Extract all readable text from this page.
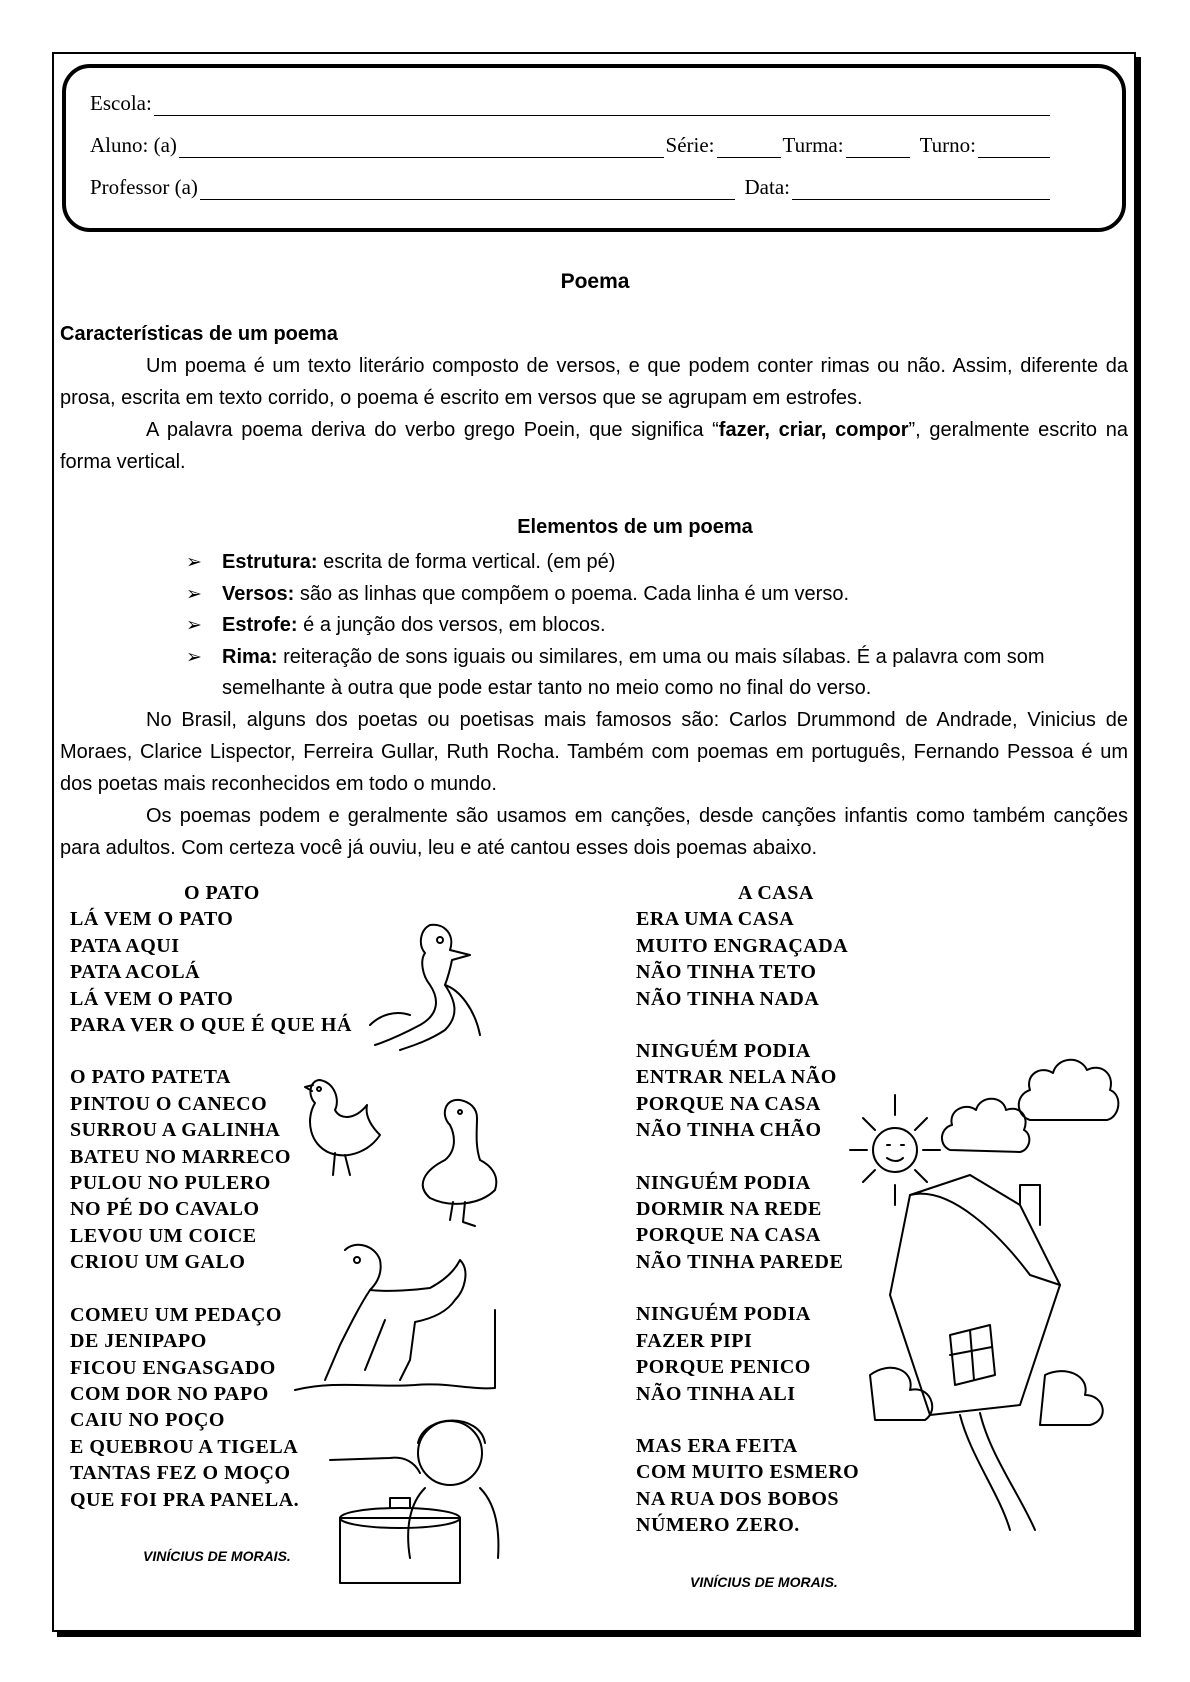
Escola:
Aluno: (a)	Série:	Turma:	Turno:
Professor (a)	Data:
Poema

Características de um poema

Um poema é um texto literário composto de versos, e que podem conter rimas ou não. Assim, diferente da prosa, escrita em texto corrido, o poema é escrito em versos que se agrupam em estrofes.

A palavra poema deriva do verbo grego Poein, que significa “fazer, criar, compor”, geralmente escrito na forma vertical.

Elementos de um poema
➢ Estrutura: escrita de forma vertical. (em pé)
➢ Versos: são as linhas que compõem o poema. Cada linha é um verso.
➢ Estrofe: é a junção dos versos, em blocos.
➢ Rima: reiteração de sons iguais ou similares, em uma ou mais sílabas. É a palavra com som semelhante à outra que pode estar tanto no meio como no final do verso.

No Brasil, alguns dos poetas ou poetisas mais famosos são: Carlos Drummond de Andrade, Vinicius de Moraes, Clarice Lispector, Ferreira Gullar, Ruth Rocha. Também com poemas em português, Fernando Pessoa é um dos poetas mais reconhecidos em todo o mundo.

Os poemas podem e geralmente são usamos em canções, desde canções infantis como também canções para adultos. Com certeza você já ouviu, leu e até cantou esses dois poemas abaixo.

O PATO
LÁ VEM O PATO
PATA AQUI
PATA ACOLÁ
LÁ VEM O PATO
PARA VER O QUE É QUE HÁ
O PATO PATETA
PINTOU O CANECO
SURROU A GALINHA
BATEU NO MARRECO
PULOU NO PULERO
NO PÉ DO CAVALO
LEVOU UM COICE
CRIOU UM GALO
COMEU UM PEDAÇO
DE JENIPAPO
FICOU ENGASGADO
COM DOR NO PAPO
CAIU NO POÇO
E QUEBROU A TIGELA
TANTAS FEZ O MOÇO
QUE FOI PRA PANELA.
VINÍCIUS DE MORAIS.
A CASA
ERA UMA CASA
MUITO ENGRAÇADA
NÃO TINHA TETO
NÃO TINHA NADA
NINGUÉM PODIA
ENTRAR NELA NÃO
PORQUE NA CASA
NÃO TINHA CHÃO
NINGUÉM PODIA
DORMIR NA REDE
PORQUE NA CASA
NÃO TINHA PAREDE
NINGUÉM PODIA
FAZER PIPI
PORQUE PENICO
NÃO TINHA ALI
MAS ERA FEITA
COM MUITO ESMERO
NA RUA DOS BOBOS
NÚMERO ZERO.
VINÍCIUS DE MORAIS.
